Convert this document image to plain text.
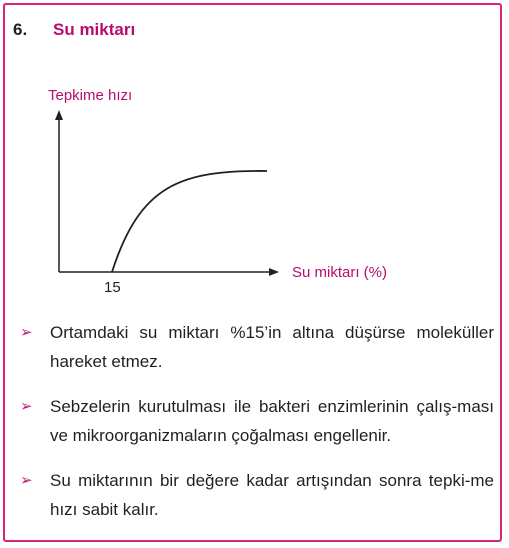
6. Su miktarı
Tepkime hızı
Su miktarı (%)
15
➢ Ortamdaki su miktarı %15’in altına düşürse moleküller hareket etmez.
➢ Sebzelerin kurutulması ile bakteri enzimlerinin çalış-ması ve mikroorganizmaların çoğalması engellenir.
➢ Su miktarının bir değere kadar artışından sonra tepki-me hızı sabit kalır.
